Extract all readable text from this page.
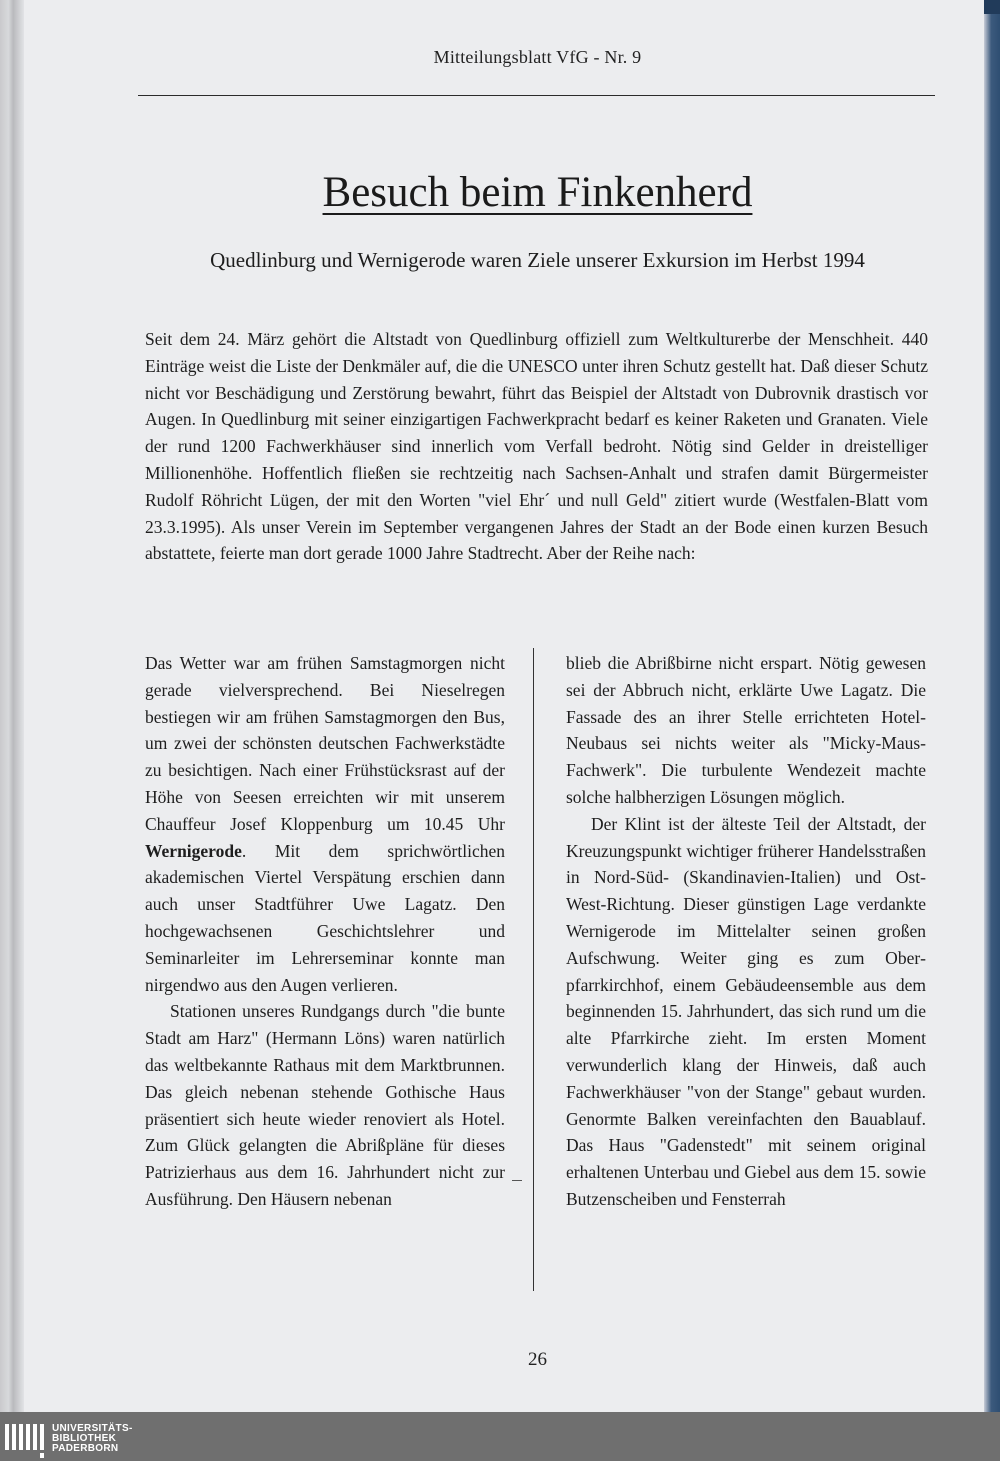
Mitteilungsblatt VfG - Nr. 9
Besuch beim Finkenherd
Quedlinburg und Wernigerode waren Ziele unserer Exkursion im Herbst 1994

Seit dem 24. März gehört die Altstadt von Quedlinburg offiziell zum Weltkulturerbe der Menschheit. 440 Einträge weist die Liste der Denkmäler auf, die die UNESCO unter ihren Schutz gestellt hat. Daß dieser Schutz nicht vor Beschädigung und Zerstörung bewahrt, führt das Beispiel der Altstadt von Dubrovnik drastisch vor Augen. In Quedlinburg mit seiner einzigartigen Fachwerkpracht bedarf es keiner Raketen und Granaten. Viele der rund 1200 Fachwerkhäuser sind innerlich vom Verfall bedroht. Nötig sind Gelder in dreistelliger Millionenhöhe. Hoffentlich fließen sie rechtzeitig nach Sachsen-Anhalt und strafen damit Bürgermeister Rudolf Röhricht Lügen, der mit den Worten "viel Ehr´ und null Geld" zitiert wurde (Westfalen-Blatt vom 23.3.1995). Als unser Verein im September vergangenen Jahres der Stadt an der Bode einen kurzen Besuch abstattete, feierte man dort gerade 1000 Jahre Stadtrecht. Aber der Reihe nach:

Das Wetter war am frühen Samstagmorgen nicht gerade vielversprechend. Bei Nieselregen bestiegen wir am frühen Samstagmorgen den Bus, um zwei der schönsten deutschen Fachwerkstädte zu besichtigen. Nach einer Frühstücksrast auf der Höhe von Seesen erreichten wir mit unserem Chauffeur Josef Kloppenburg um 10.45 Uhr Wernigerode. Mit dem sprichwörtlichen akademischen Viertel Verspätung erschien dann auch unser Stadtführer Uwe Lagatz. Den hochgewachsenen Geschichtslehrer und Seminarleiter im Lehrerseminar konnte man nirgendwo aus den Augen verlieren.

Stationen unseres Rundgangs durch "die bunte Stadt am Harz" (Hermann Löns) waren natürlich das weltbekannte Rathaus mit dem Marktbrunnen. Das gleich nebenan stehende Gothische Haus präsentiert sich heute wieder renoviert als Hotel. Zum Glück gelangten die Abrißpläne für dieses Patrizierhaus aus dem 16. Jahrhundert nicht zur Ausführung. Den Häusern nebenan

blieb die Abrißbirne nicht erspart. Nötig gewesen sei der Abbruch nicht, erklärte Uwe Lagatz. Die Fassade des an ihrer Stelle errichteten Hotel-Neubaus sei nichts weiter als "Micky-Maus-Fachwerk". Die turbulente Wendezeit machte solche halbherzigen Lösungen möglich.

Der Klint ist der älteste Teil der Altstadt, der Kreuzungspunkt wichtiger früherer Handelsstraßen in Nord-Süd- (Skandinavien-Italien) und Ost-West-Richtung. Dieser günstigen Lage verdankte Wernigerode im Mittelalter seinen großen Aufschwung. Weiter ging es zum Oberpfarrkirchhof, einem Gebäudeensemble aus dem beginnenden 15. Jahrhundert, das sich rund um die alte Pfarrkirche zieht. Im ersten Moment verwunderlich klang der Hinweis, daß auch Fachwerkhäuser "von der Stange" gebaut wurden. Genormte Balken vereinfachten den Bauablauf. Das Haus "Gadenstedt" mit seinem original erhaltenen Unterbau und Giebel aus dem 15. sowie Butzenscheiben und Fensterrah

26
UNIVERSITÄTS-
BIBLIOTHEK
PADERBORN
